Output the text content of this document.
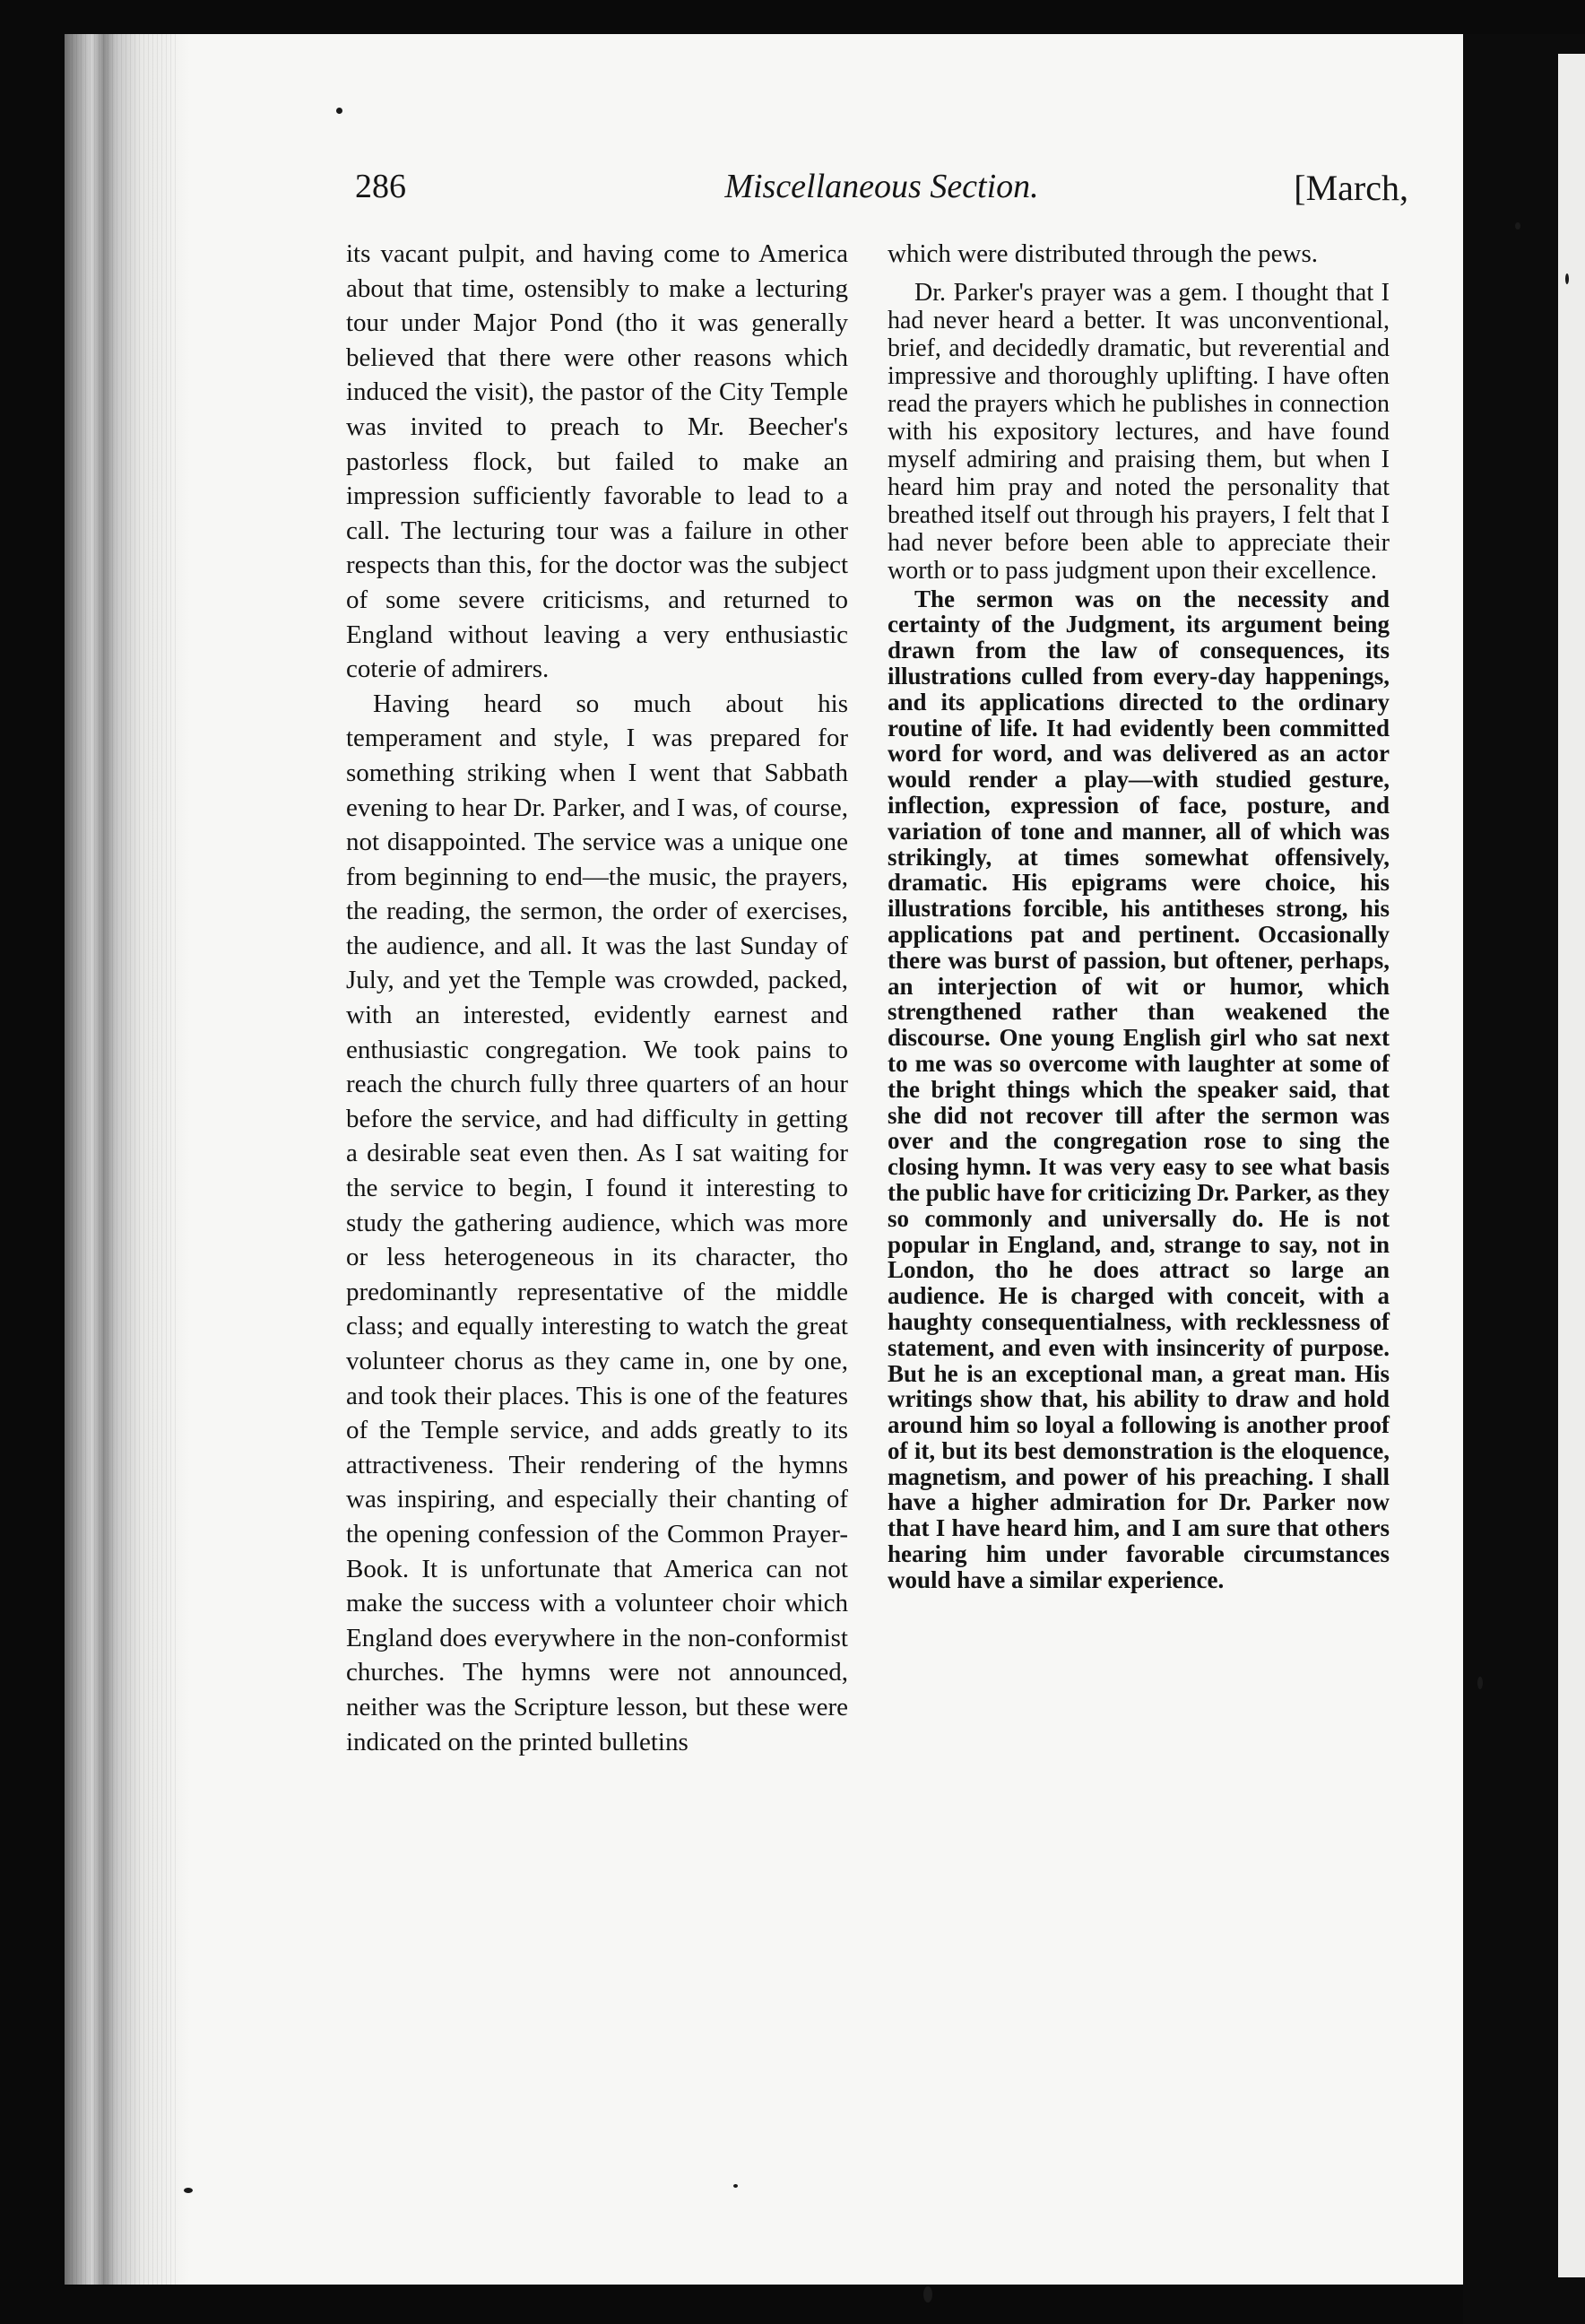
286	Miscellaneous Section.	[March,

its vacant pulpit, and having come to America about that time, ostensibly to make a lecturing tour under Major Pond (tho it was generally believed that there were other reasons which induced the visit), the pastor of the City Temple was invited to preach to Mr. Beecher's pastorless flock, but failed to make an impression sufficiently favorable to lead to a call. The lecturing tour was a failure in other respects than this, for the doctor was the subject of some severe criticisms, and returned to England without leaving a very enthusiastic coterie of admirers.

Having heard so much about his temperament and style, I was prepared for something striking when I went that Sabbath evening to hear Dr. Parker, and I was, of course, not disappointed. The service was a unique one from beginning to end—the music, the prayers, the reading, the sermon, the order of exercises, the audience, and all. It was the last Sunday of July, and yet the Temple was crowded, packed, with an interested, evidently earnest and enthusiastic congregation. We took pains to reach the church fully three quarters of an hour before the service, and had difficulty in getting a desirable seat even then. As I sat waiting for the service to begin, I found it interesting to study the gathering audience, which was more or less heterogeneous in its character, tho predominantly representative of the middle class; and equally interesting to watch the great volunteer chorus as they came in, one by one, and took their places. This is one of the features of the Temple service, and adds greatly to its attractiveness. Their rendering of the hymns was inspiring, and especially their chanting of the opening confession of the Common Prayer-Book. It is unfortunate that America can not make the success with a volunteer choir which England does everywhere in the non-conformist churches. The hymns were not announced, neither was the Scripture lesson, but these were indicated on the printed bulletins

which were distributed through the pews.

Dr. Parker's prayer was a gem. I thought that I had never heard a better. It was unconventional, brief, and decidedly dramatic, but reverential and impressive and thoroughly uplifting. I have often read the prayers which he publishes in connection with his expository lectures, and have found myself admiring and praising them, but when I heard him pray and noted the personality that breathed itself out through his prayers, I felt that I had never before been able to appreciate their worth or to pass judgment upon their excellence.

The sermon was on the necessity and certainty of the Judgment, its argument being drawn from the law of consequences, its illustrations culled from every-day happenings, and its applications directed to the ordinary routine of life. It had evidently been committed word for word, and was delivered as an actor would render a play—with studied gesture, inflection, expression of face, posture, and variation of tone and manner, all of which was strikingly, at times somewhat offensively, dramatic. His epigrams were choice, his illustrations forcible, his antitheses strong, his applications pat and pertinent. Occasionally there was burst of passion, but oftener, perhaps, an interjection of wit or humor, which strengthened rather than weakened the discourse. One young English girl who sat next to me was so overcome with laughter at some of the bright things which the speaker said, that she did not recover till after the sermon was over and the congregation rose to sing the closing hymn. It was very easy to see what basis the public have for criticizing Dr. Parker, as they so commonly and universally do. He is not popular in England, and, strange to say, not in London, tho he does attract so large an audience. He is charged with conceit, with a haughty consequentialness, with recklessness of statement, and even with insincerity of purpose. But he is an exceptional man, a great man. His writings show that, his ability to draw and hold around him so loyal a following is another proof of it, but its best demonstration is the eloquence, magnetism, and power of his preaching. I shall have a higher admiration for Dr. Parker now that I have heard him, and I am sure that others hearing him under favorable circumstances would have a similar experience.
